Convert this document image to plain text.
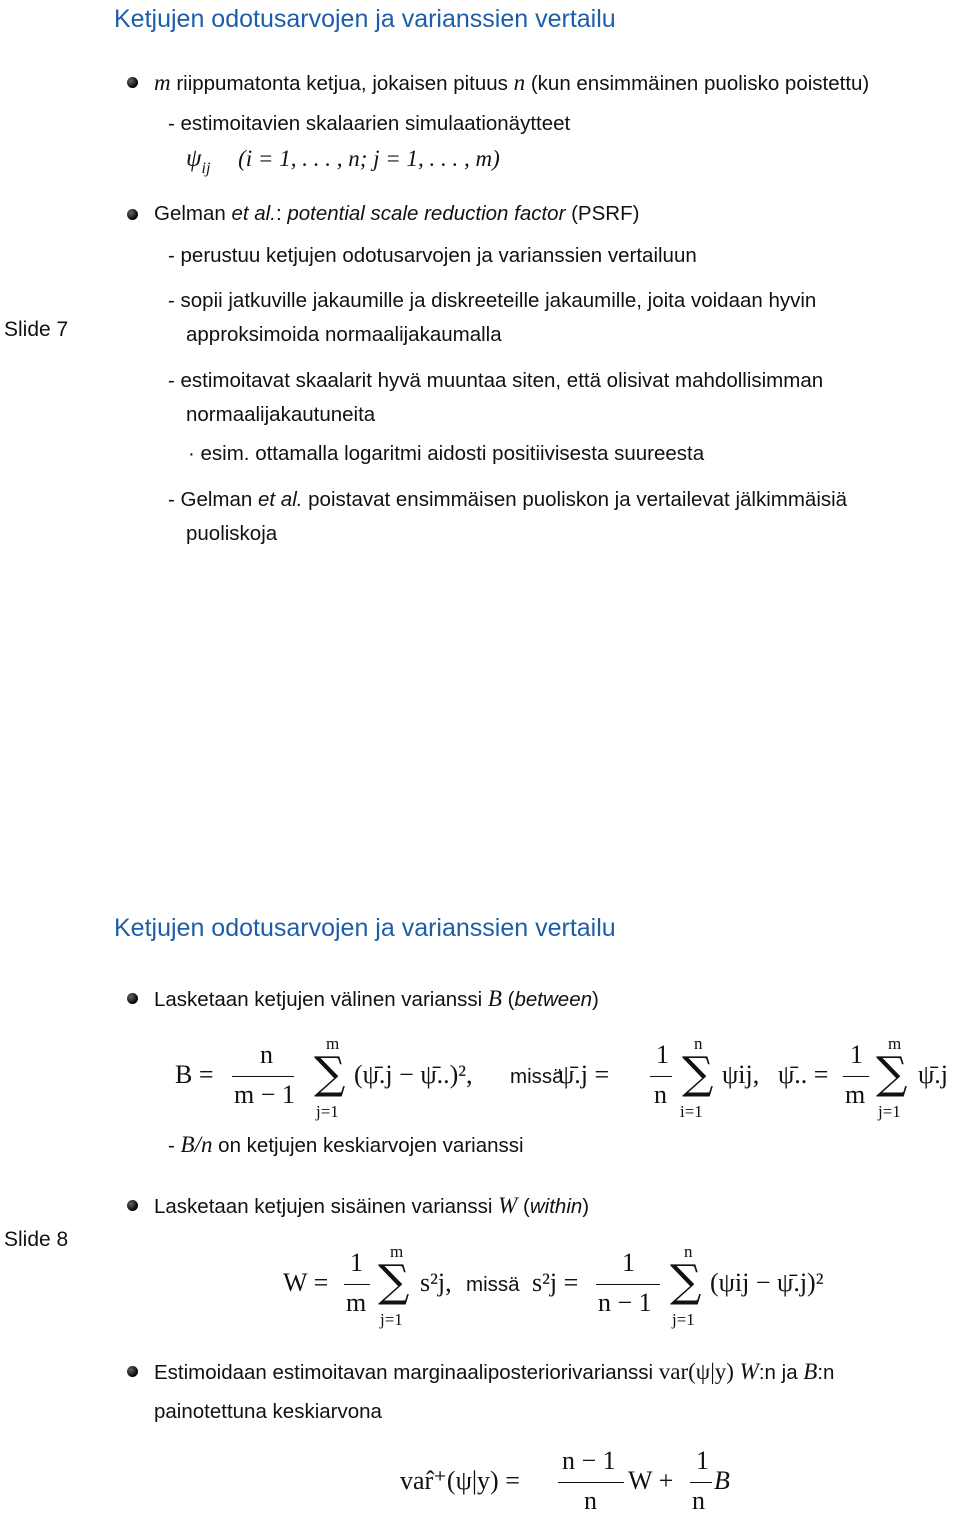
Ketjujen odotusarvojen ja varianssien vertailu
Slide 7
m riippumatonta ketjua, jokaisen pituus n (kun ensimmäinen puolisko poistettu)
- estimoitavien skalaarien simulaationäytteet
$\psi_{ij}$ (i = 1, . . . , n; j = 1, . . . , m)
Gelman et al.: potential scale reduction factor (PSRF)
- perustuu ketjujen odotusarvojen ja varianssien vertailuun
- sopii jatkuville jakaumille ja diskreeteille jakaumille, joita voidaan hyvin
approksimoida normaalijakaumalla
- estimoitavat skaalarit hyvä muuntaa siten, että olisivat mahdollisimman
normaalijakautuneita
· esim. ottamalla logaritmi aidosti positiivisesta suureesta
- Gelman et al. poistavat ensimmäisen puoliskon ja vertailevat jälkimmäisiä
puoliskoja
Ketjujen odotusarvojen ja varianssien vertailu
Slide 8
Lasketaan ketjujen välinen varianssi B (between)
B =
n
m − 1
m
∑
j=1
(ψ̄.j − ψ̄..)², missä
ψ̄.j =
1
n
n
∑
i=1
ψij, ψ̄.. =
1
m
m
∑
j=1
ψ̄.j
- B/n on ketjujen keskiarvojen varianssi
Lasketaan ketjujen sisäinen varianssi W (within)
W =
1
m
m
∑
j=1
s²j, missä s²j =
1
n − 1
n
∑
j=1
(ψij − ψ̄.j)²
Estimoidaan estimoitavan marginaaliposteriorivarianssi var(ψ|y) W:n ja B:n
painotettuna keskiarvona
var̂⁺(ψ|y) =
n − 1
n
W +
1
n
B
